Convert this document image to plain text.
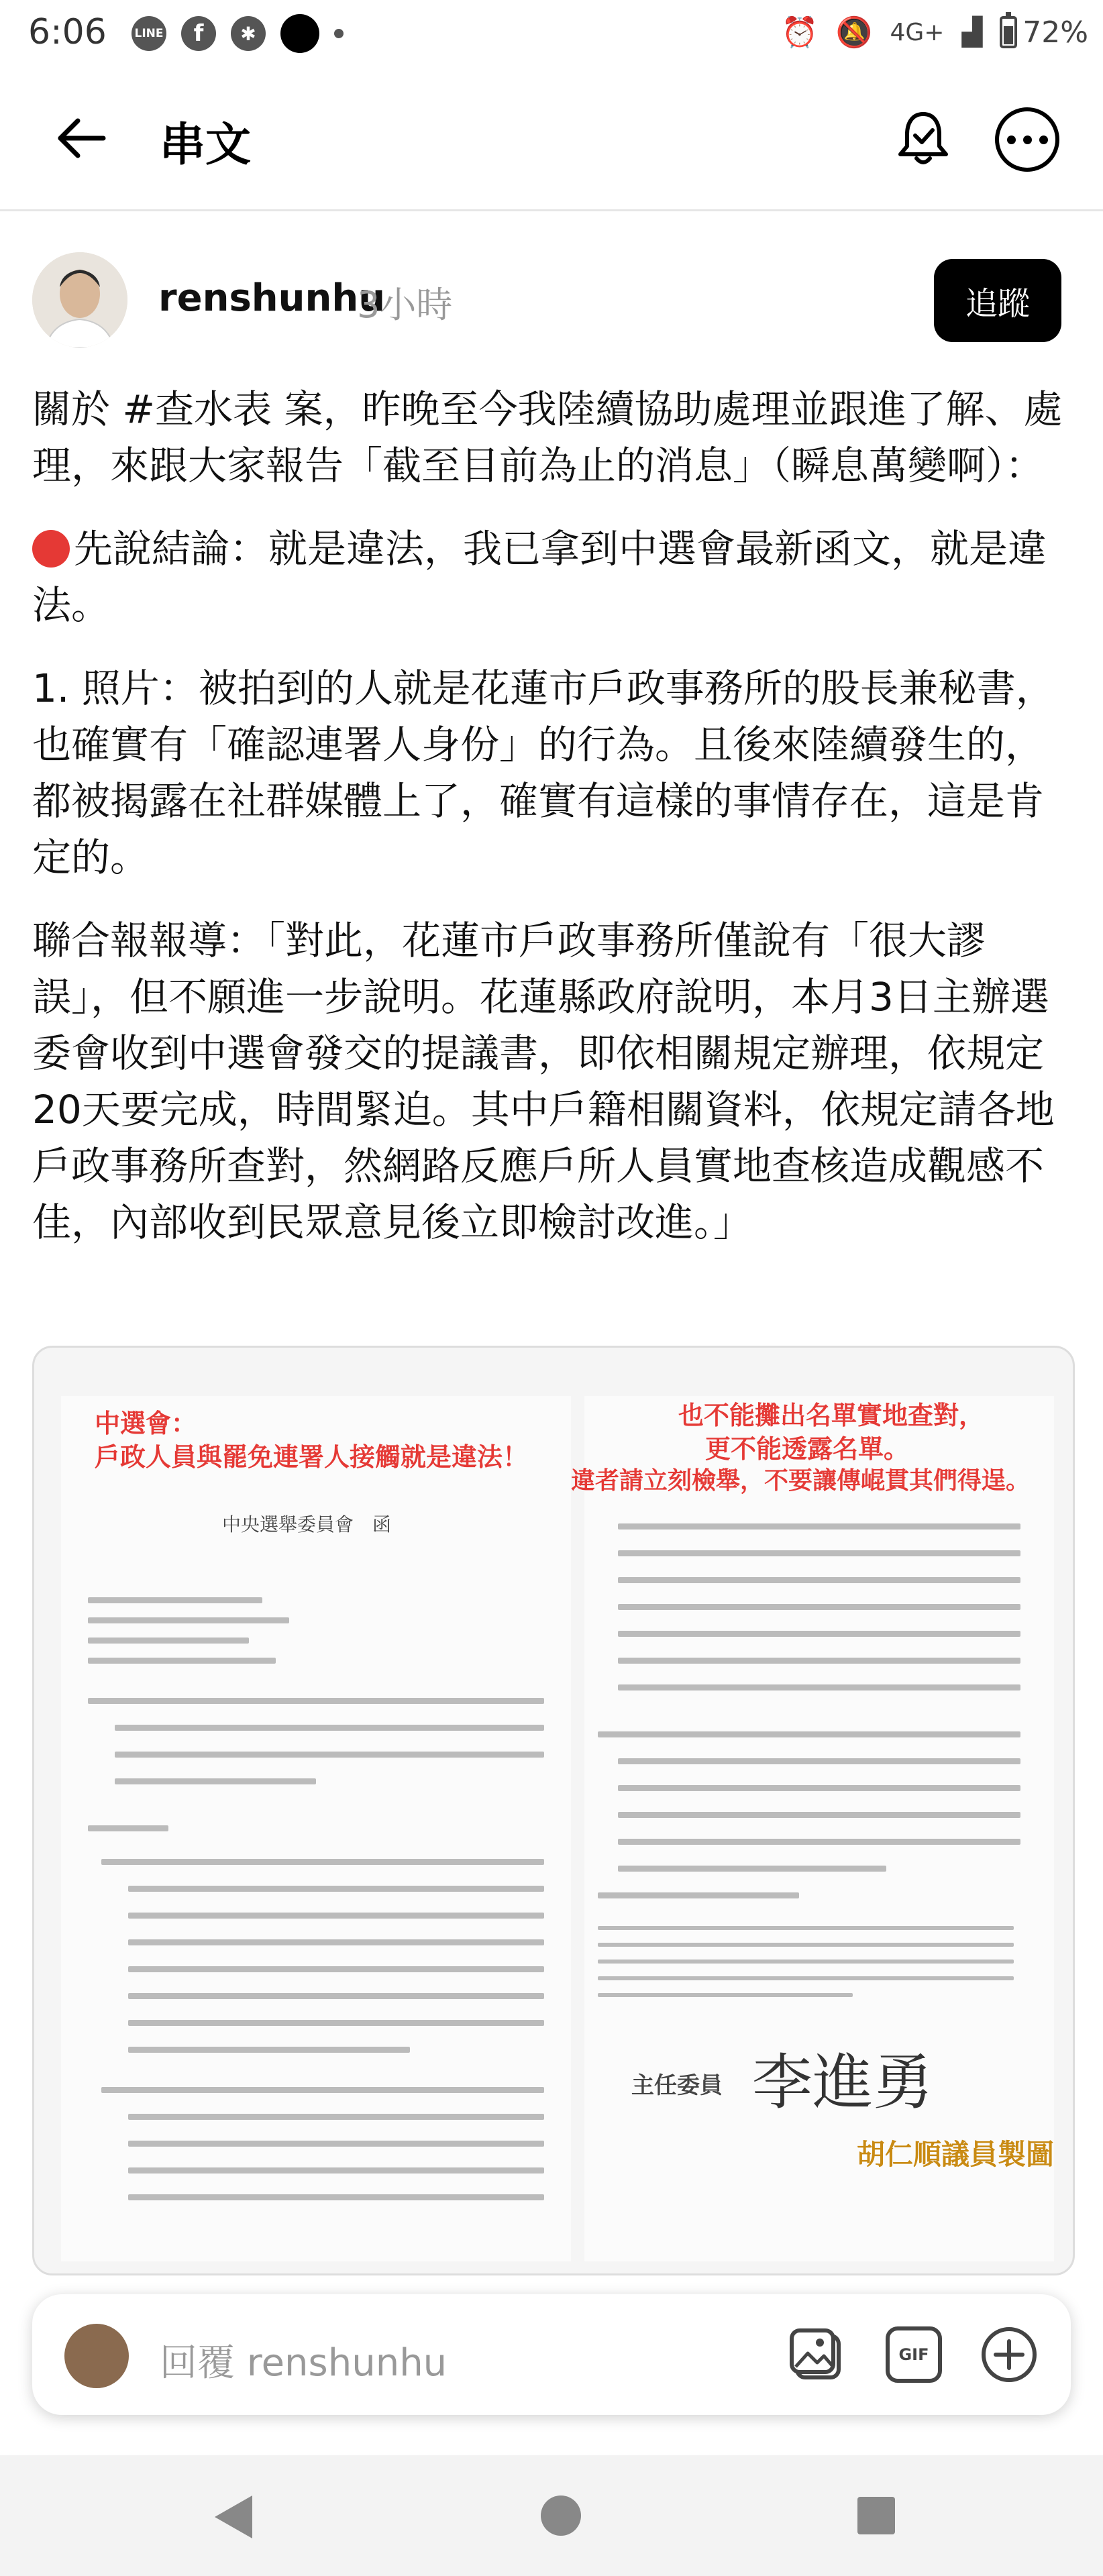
6:06 LINE	f	✱	⏰ 🔕 4G+ ▟ 72%
串文
renshunhu
3小時	追蹤

關於 #查水表 案，昨晚至今我陸續協助處理並跟進了解、處理，來跟大家報告「截至目前為止的消息」（瞬息萬變啊）：

先說結論：就是違法，我已拿到中選會最新函文，就是違法。

1. 照片：被拍到的人就是花蓮市戶政事務所的股長兼秘書，也確實有「確認連署人身份」的行為。且後來陸續發生的，都被揭露在社群媒體上了，確實有這樣的事情存在，這是肯定的。

聯合報報導：「對此，花蓮市戶政事務所僅說有「很大謬誤」，但不願進一步說明。花蓮縣政府說明，本月3日主辦選委會收到中選會發交的提議書，即依相關規定辦理，依規定20天要完成，時間緊迫。其中戶籍相關資料，依規定請各地戶政事務所查對，然網路反應戶所人員實地查核造成觀感不佳，內部收到民眾意見後立即檢討改進。」

中選會：
戶政人員與罷免連署人接觸就是違法！
中央選舉委員會　函
也不能攤出名單實地查對，
更不能透露名單。
違者請立刻檢舉，不要讓傳崐貫其們得逞。
主任委員 李進勇
胡仁順議員製圖
回覆 renshunhu	GIF
